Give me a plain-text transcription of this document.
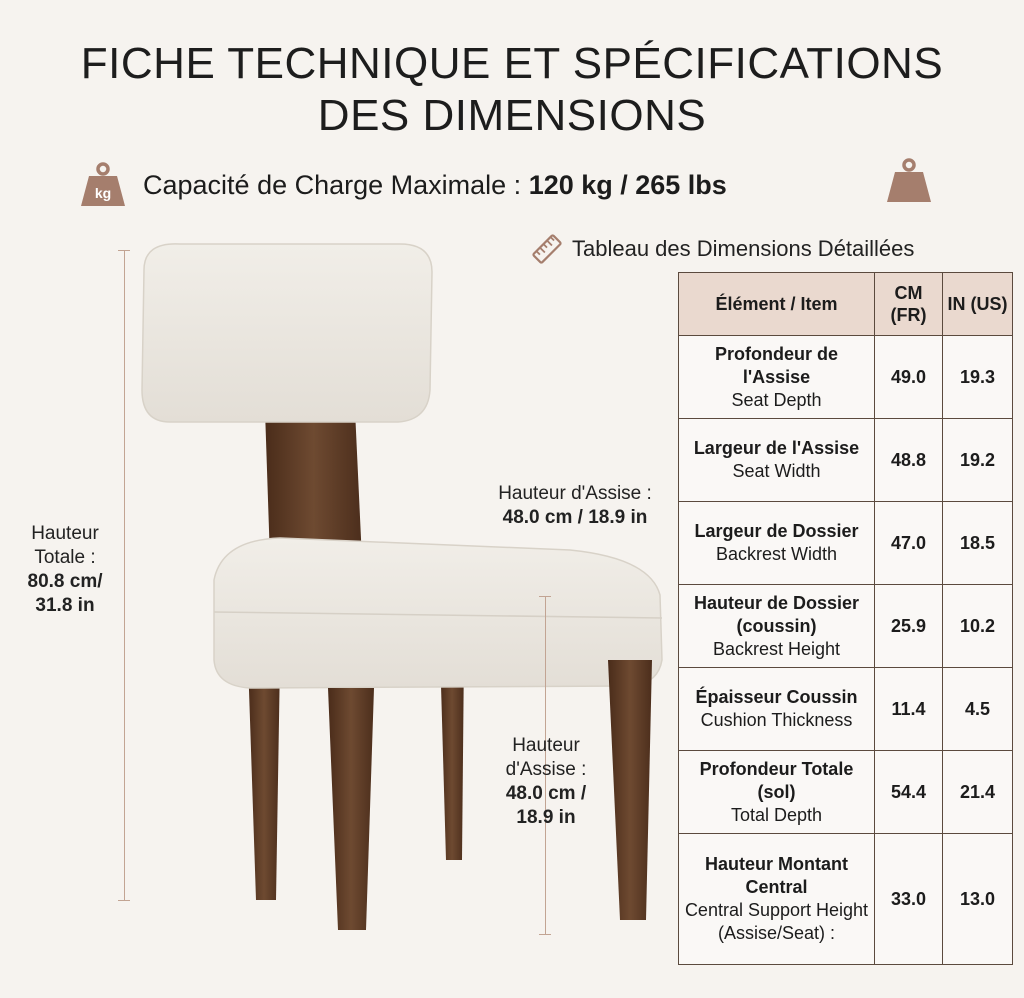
FICHE TECHNIQUE ET SPÉCIFICATIONS
DES DIMENSIONS
kg Capacité de Charge Maximale : 120 kg / 265 lbs
Tableau des Dimensions Détaillées
Hauteur
Totale :
80.8 cm/
31.8 in
Hauteur d'Assise :
48.0 cm / 18.9 in
Hauteur
d'Assise :
48.0 cm /
18.9 in
Élément / Item	CM (FR)	IN (US)

Profondeur de l'Assise
Seat Depth	49.0	19.3

Largeur de l'Assise
Seat Width	48.8	19.2

Largeur de Dossier
Backrest Width	47.0	18.5

Hauteur de Dossier (coussin)
Backrest Height	25.9	10.2

Épaisseur Coussin
Cushion Thickness	11.4	4.5

Profondeur Totale (sol)
Total Depth	54.4	21.4

Hauteur Montant Central
Central Support Height (Assise/Seat) :	33.0	13.0
